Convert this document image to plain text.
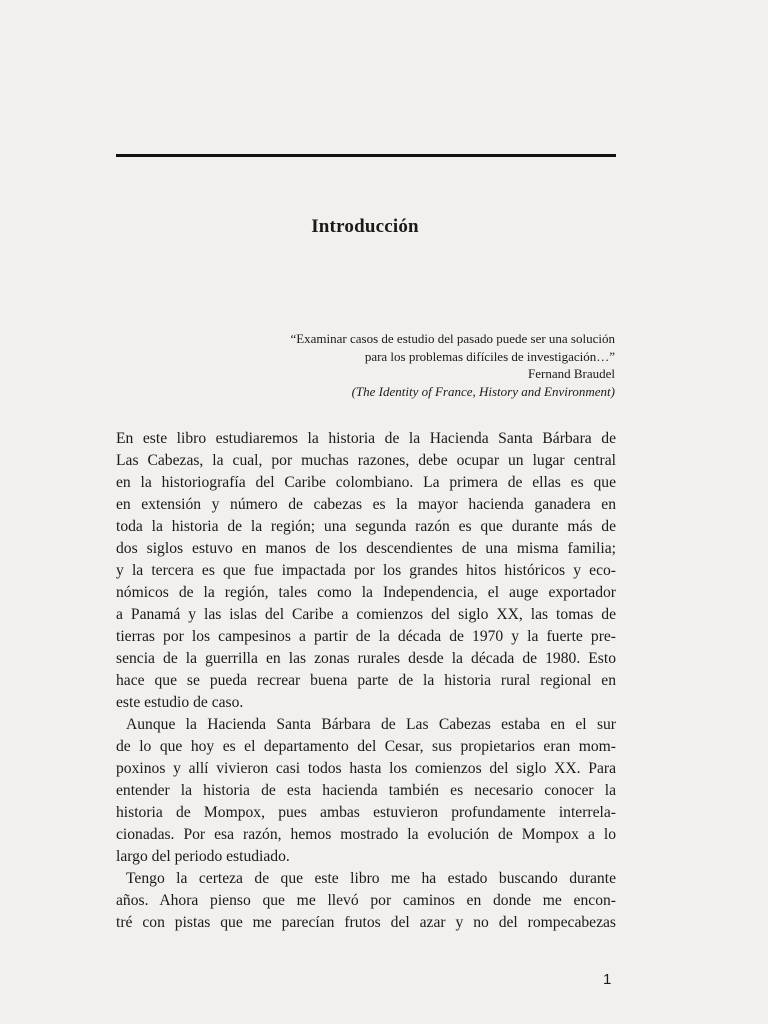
Introducción
“Examinar casos de estudio del pasado puede ser una solución
para los problemas difíciles de investigación…”
Fernand Braudel
(The Identity of France, History and Environment)
En este libro estudiaremos la historia de la Hacienda Santa Bárbara de
Las Cabezas, la cual, por muchas razones, debe ocupar un lugar central
en la historiografía del Caribe colombiano. La primera de ellas es que
en extensión y número de cabezas es la mayor hacienda ganadera en
toda la historia de la región; una segunda razón es que durante más de
dos siglos estuvo en manos de los descendientes de una misma familia;
y la tercera es que fue impactada por los grandes hitos históricos y eco-
nómicos de la región, tales como la Independencia, el auge exportador
a Panamá y las islas del Caribe a comienzos del siglo XX, las tomas de
tierras por los campesinos a partir de la década de 1970 y la fuerte pre-
sencia de la guerrilla en las zonas rurales desde la década de 1980. Esto
hace que se pueda recrear buena parte de la historia rural regional en
este estudio de caso.
Aunque la Hacienda Santa Bárbara de Las Cabezas estaba en el sur
de lo que hoy es el departamento del Cesar, sus propietarios eran mom-
poxinos y allí vivieron casi todos hasta los comienzos del siglo XX. Para
entender la historia de esta hacienda también es necesario conocer la
historia de Mompox, pues ambas estuvieron profundamente interrela-
cionadas. Por esa razón, hemos mostrado la evolución de Mompox a lo
largo del periodo estudiado.
Tengo la certeza de que este libro me ha estado buscando durante
años. Ahora pienso que me llevó por caminos en donde me encon-
tré con pistas que me parecían frutos del azar y no del rompecabezas
1
